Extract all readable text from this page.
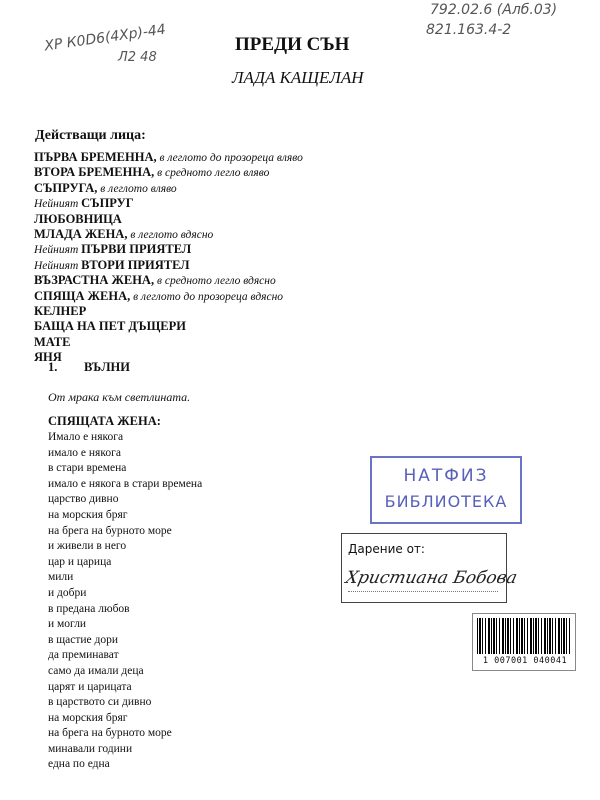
ХР К0D6(4Хр)-44
Л2 48
792.02.6 (Алб.03)
821.163.4-2
ПРЕДИ СЪН
ЛАДА КАЩЕЛАН
Действащи лица:
ПЪРВА БРЕМЕННА, в леглото до прозореца вляво
ВТОРА БРЕМЕННА, в средното легло вляво
СЪПРУГА, в леглото вляво
Нейният СЪПРУГ
ЛЮБОВНИЦА
МЛАДА ЖЕНА, в леглото вдясно
Нейният ПЪРВИ ПРИЯТЕЛ
Нейният ВТОРИ ПРИЯТЕЛ
ВЪЗРАСТНА ЖЕНА, в средното легло вдясно
СПЯЩА ЖЕНА, в леглото до прозореца вдясно
КЕЛНЕР
БАЩА НА ПЕТ ДЪЩЕРИ
МАТЕ
ЯНЯ
1. ВЪЛНИ
От мрака към светлината.
СПЯЩАТА ЖЕНА:
Имало е някога
имало е някога
в стари времена
имало е някога в стари времена
царство дивно
на морския бряг
на брега на бурното море
и живели в него
цар и царица
мили
и добри
в предана любов
и могли
в щастие дори
да преминават
само да имали деца
царят и царицата
в царството си дивно
на морския бряг
на брега на бурното море
минавали години
една по една
НАТФИЗ
БИБЛИОТЕКА
Дарение от:
Христиана Бобова
1 007001 040041
